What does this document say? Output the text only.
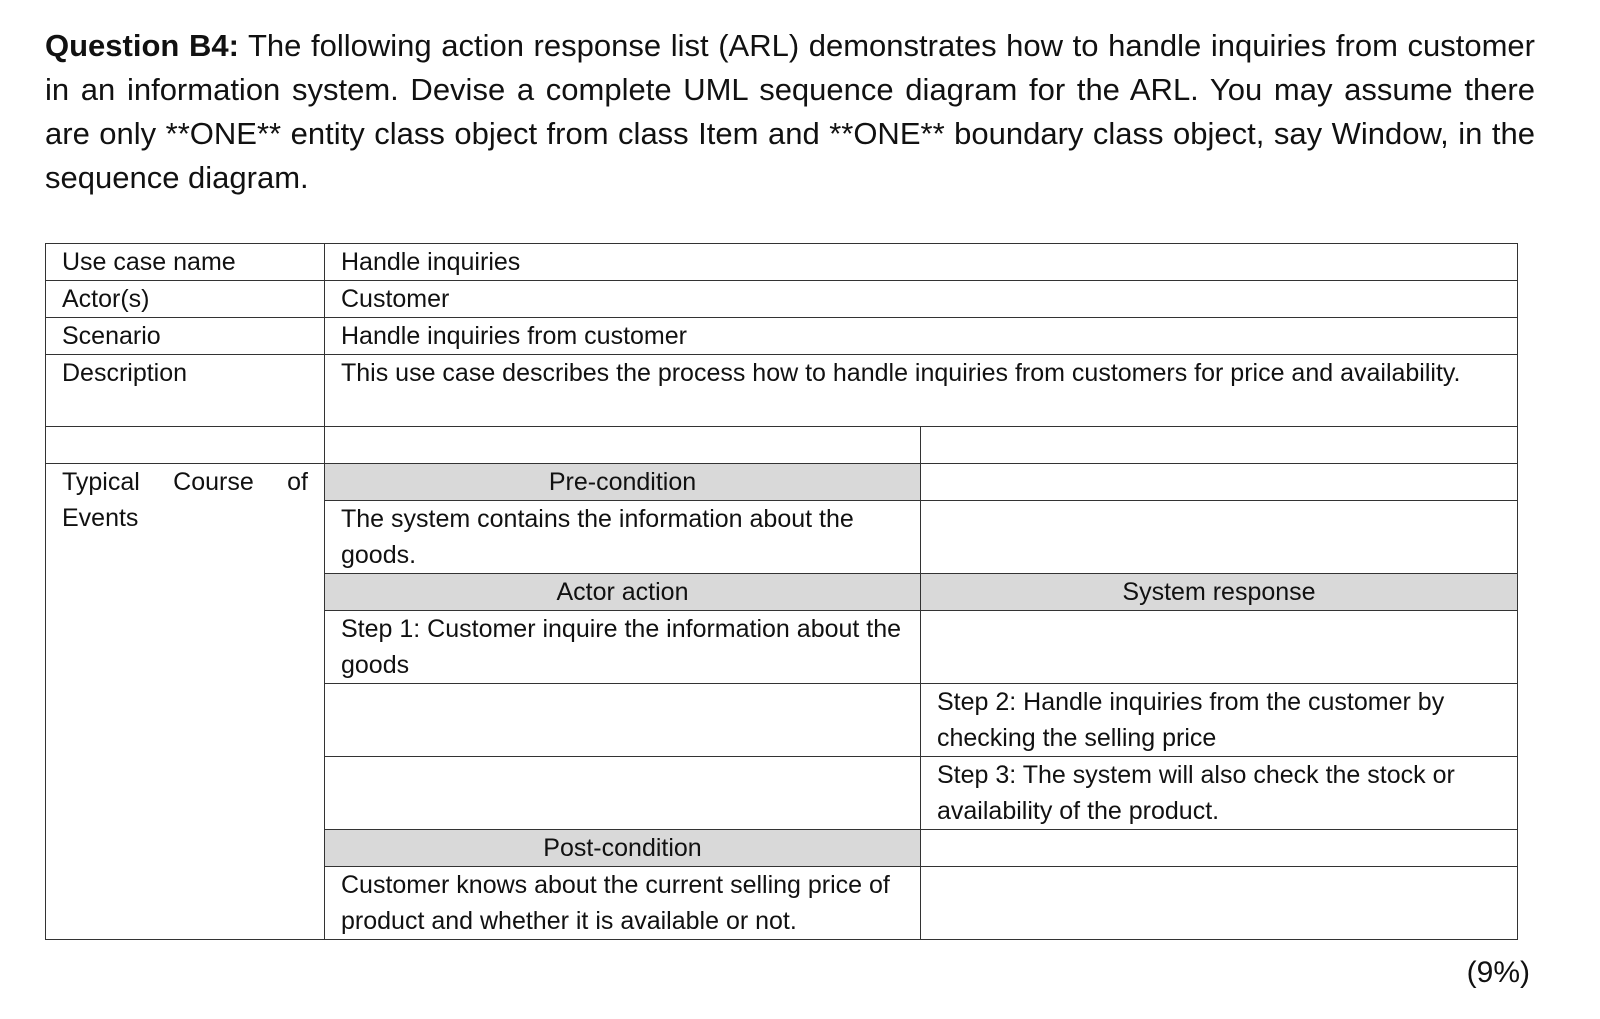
Question B4: The following action response list (ARL) demonstrates how to handle inquiries from customer in an information system. Devise a complete UML sequence diagram for the ARL. You may assume there are only **ONE** entity class object from class Item and **ONE** boundary class object, say Window, in the sequence diagram.
Use case name	Handle inquiries	
Actor(s)	Customer	
Scenario	Handle inquiries from customer	
Description	This use case describes the process how to handle inquiries from customers for price and availability.	

Typical Course of Events	Pre-condition	
	The system contains the information about the goods.	
	Actor action	System response
	Step 1: Customer inquire the information about the goods	
		Step 2: Handle inquiries from the customer by checking the selling price
		Step 3: The system will also check the stock or availability of the product.
	Post-condition	
	Customer knows about the current selling price of product and whether it is available or not.	
(9%)
